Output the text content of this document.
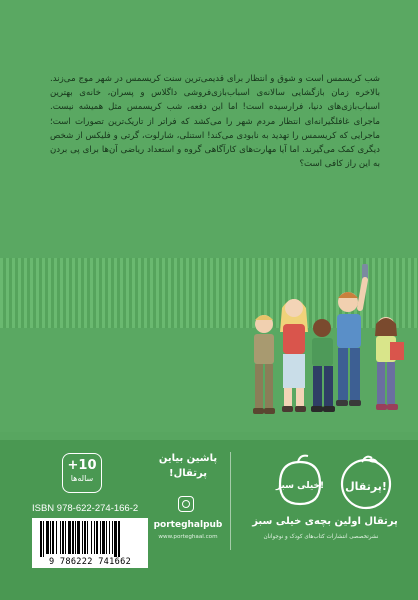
شب کریسمس است و شوق و انتظار برای قدیمی‌ترین سنت کریسمس در شهر موج می‌زند. بالاخره زمان بازگشایی سالانه‌ی اسباب‌بازی‌فروشی داگلاس و پسران، خانه‌ی بهترین اسباب‌بازی‌های دنیا، فرارسیده است! اما این دفعه، شب کریسمس مثل همیشه نیست. ماجرای غافلگیرانه‌ای انتظار مردم شهر را می‌کشد که فراتر از تاریک‌ترین تصورات است؛ ماجرایی که کریسمس را تهدید به نابودی می‌کند! استنلی، شارلوت، گرتی و فلیکس از شخص دیگری کمک می‌گیرند. اما آیا مهارت‌های کارآگاهی گروه و استعداد ریاضی آن‌ها برای پی بردن به این راز کافی است؟
پرتقال!
خیلی سبز!
پرتقال اولین بچه‌ی خیلی سبز
نشرتخصصی انتشارات کتاب‌های کودک و نوجوانان
پاشین بیاین پرتقال!
porteghalpub
www.porteghaal.com
+10
ساله‌ها
ISBN 978-622-274-166-2
9 786222 741662
